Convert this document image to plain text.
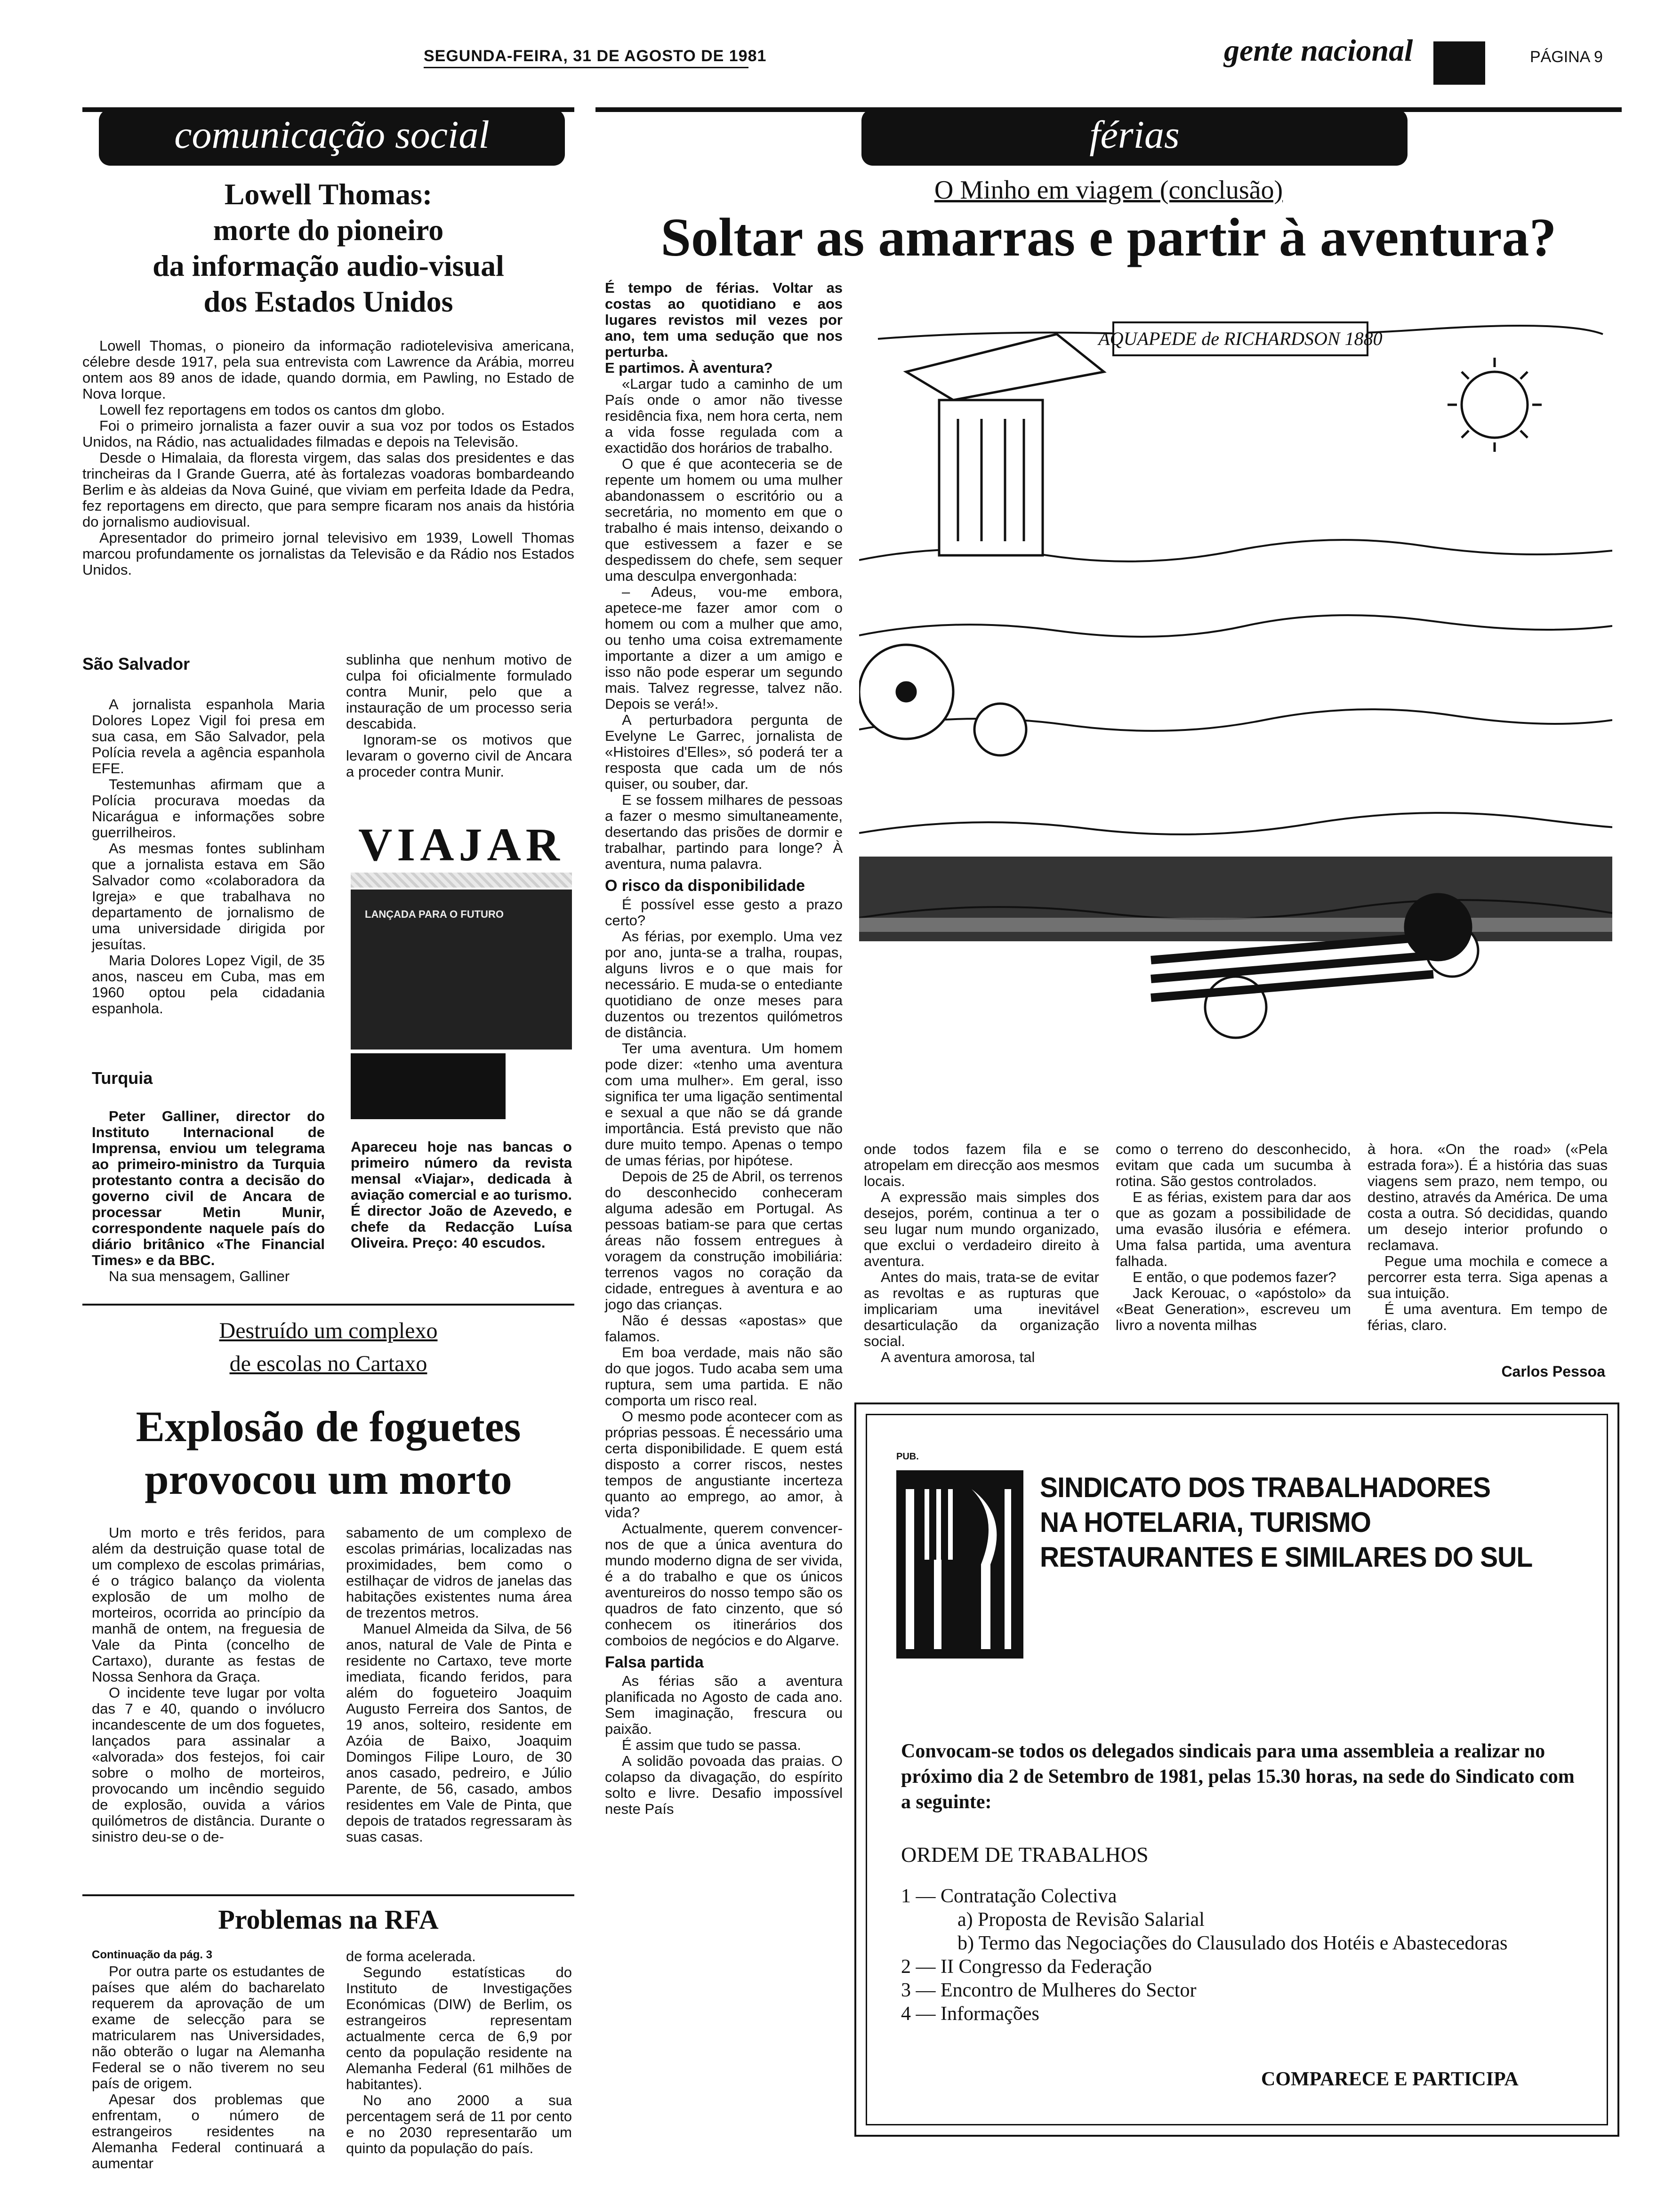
SEGUNDA-FEIRA, 31 DE AGOSTO DE 1981	gente nacional	PÁGINA 9
comunicação social	férias
Lowell Thomas:
morte do pioneiro
da informação audio-visual
dos Estados Unidos

Lowell Thomas, o pioneiro da informação radiotelevisiva americana, célebre desde 1917, pela sua entrevista com Lawrence da Arábia, morreu ontem aos 89 anos de idade, quando dormia, em Pawling, no Estado de Nova Iorque.

Lowell fez reportagens em todos os cantos dm globo.

Foi o primeiro jornalista a fazer ouvir a sua voz por todos os Estados Unidos, na Rádio, nas actualidades filmadas e depois na Televisão.

Desde o Himalaia, da floresta virgem, das salas dos presidentes e das trincheiras da I Grande Guerra, até às fortalezas voadoras bombardeando Berlim e às aldeias da Nova Guiné, que viviam em perfeita Idade da Pedra, fez reportagens em directo, que para sempre ficaram nos anais da história do jornalismo audiovisual.

Apresentador do primeiro jornal televisivo em 1939, Lowell Thomas marcou profundamente os jornalistas da Televisão e da Rádio nos Estados Unidos.

São Salvador

A jornalista espanhola Maria Dolores Lopez Vigil foi presa em sua casa, em São Salvador, pela Polícia revela a agência espanhola EFE.

Testemunhas afirmam que a Polícia procurava moedas da Nicarágua e informações sobre guerrilheiros.

As mesmas fontes sublinham que a jornalista estava em São Salvador como «colaboradora da Igreja» e que trabalhava no departamento de jornalismo de uma universidade dirigida por jesuítas.

Maria Dolores Lopez Vigil, de 35 anos, nasceu em Cuba, mas em 1960 optou pela cidadania espanhola.

Turquia

Peter Galliner, director do Instituto Internacional de Imprensa, enviou um telegrama ao primeiro-ministro da Turquia protestanto contra a decisão do governo civil de Ancara de processar Metin Munir, correspondente naquele país do diário britânico «The Financial Times» e da BBC.

Na sua mensagem, Galliner

sublinha que nenhum motivo de culpa foi oficialmente formulado contra Munir, pelo que a instauração de um processo seria descabida.

Ignoram-se os motivos que levaram o governo civil de Ancara a proceder contra Munir.

VIAJAR
LANÇADA PARA O FUTURO
Apareceu hoje nas bancas o primeiro número da revista mensal «Viajar», dedicada à aviação comercial e ao turismo. É director João de Azevedo, e chefe da Redacção Luísa Oliveira. Preço: 40 escudos.
Destruído um complexo
de escolas no Cartaxo
Explosão de foguetes
provocou um morto

Um morto e três feridos, para além da destruição quase total de um complexo de escolas primárias, é o trágico balanço da violenta explosão de um molho de morteiros, ocorrida ao princípio da manhã de ontem, na freguesia de Vale da Pinta (concelho de Cartaxo), durante as festas de Nossa Senhora da Graça.

O incidente teve lugar por volta das 7 e 40, quando o invólucro incandescente de um dos foguetes, lançados para assinalar a «alvorada» dos festejos, foi cair sobre o molho de morteiros, provocando um incêndio seguido de explosão, ouvida a vários quilómetros de distância. Durante o sinistro deu-se o de-

sabamento de um complexo de escolas primárias, localizadas nas proximidades, bem como o estilhaçar de vidros de janelas das habitações existentes numa área de trezentos metros.

Manuel Almeida da Silva, de 56 anos, natural de Vale de Pinta e residente no Cartaxo, teve morte imediata, ficando feridos, para além do fogueteiro Joaquim Augusto Ferreira dos Santos, de 19 anos, solteiro, residente em Azóia de Baixo, Joaquim Domingos Filipe Louro, de 30 anos casado, pedreiro, e Júlio Parente, de 56, casado, ambos residentes em Vale de Pinta, que depois de tratados regressaram às suas casas.

Problemas na RFA
Continuação da pág. 3

Por outra parte os estudantes de países que além do bacharelato requerem da aprovação de um exame de selecção para se matricularem nas Universidades, não obterão o lugar na Alemanha Federal se o não tiverem no seu país de origem.

Apesar dos problemas que enfrentam, o número de estrangeiros residentes na Alemanha Federal continuará a aumentar

de forma acelerada.

Segundo estatísticas do Instituto de Investigações Económicas (DIW) de Berlim, os estrangeiros representam actualmente cerca de 6,9 por cento da população residente na Alemanha Federal (61 milhões de habitantes).

No ano 2000 a sua percentagem será de 11 por cento e no 2030 representarão um quinto da população do país.

O Minho em viagem (conclusão)
Soltar as amarras e partir à aventura?

É tempo de férias. Voltar as costas ao quotidiano e aos lugares revistos mil vezes por ano, tem uma sedução que nos perturba.

E partimos. À aventura?

«Largar tudo a caminho de um País onde o amor não tivesse residência fixa, nem hora certa, nem a vida fosse regulada com a exactidão dos horários de trabalho.

O que é que aconteceria se de repente um homem ou uma mulher abandonassem o escritório ou a secretária, no momento em que o trabalho é mais intenso, deixando o que estivessem a fazer e se despedissem do chefe, sem sequer uma desculpa envergonhada:

– Adeus, vou-me embora, apetece-me fazer amor com o homem ou com a mulher que amo, ou tenho uma coisa extremamente importante a dizer a um amigo e isso não pode esperar um segundo mais. Talvez regresse, talvez não. Depois se verá!».

A perturbadora pergunta de Evelyne Le Garrec, jornalista de «Histoires d'Elles», só poderá ter a resposta que cada um de nós quiser, ou souber, dar.

E se fossem milhares de pessoas a fazer o mesmo simultaneamente, desertando das prisões de dormir e trabalhar, partindo para longe? À aventura, numa palavra.

O risco da disponibilidade

É possível esse gesto a prazo certo?

As férias, por exemplo. Uma vez por ano, junta-se a tralha, roupas, alguns livros e o que mais for necessário. E muda-se o entediante quotidiano de onze meses para duzentos ou trezentos quilómetros de distância.

Ter uma aventura. Um homem pode dizer: «tenho uma aventura com uma mulher». Em geral, isso significa ter uma ligação sentimental e sexual a que não se dá grande importância. Está previsto que não dure muito tempo. Apenas o tempo de umas férias, por hipótese.

Depois de 25 de Abril, os terrenos do desconhecido conheceram alguma adesão em Portugal. As pessoas batiam-se para que certas áreas não fossem entregues à voragem da construção imobiliária: terrenos vagos no coração da cidade, entregues à aventura e ao jogo das crianças.

Não é dessas «apostas» que falamos.

Em boa verdade, mais não são do que jogos. Tudo acaba sem uma ruptura, sem uma partida. E não comporta um risco real.

O mesmo pode acontecer com as próprias pessoas. É necessário uma certa disponibilidade. E quem está disposto a correr riscos, nestes tempos de angustiante incerteza quanto ao emprego, ao amor, à vida?

Actualmente, querem convencer-nos de que a única aventura do mundo moderno digna de ser vivida, é a do trabalho e que os únicos aventureiros do nosso tempo são os quadros de fato cinzento, que só conhecem os itinerários dos comboios de negócios e do Algarve.

Falsa partida

As férias são a aventura planificada no Agosto de cada ano. Sem imaginação, frescura ou paixão.

É assim que tudo se passa.

A solidão povoada das praias. O colapso da divagação, do espírito solto e livre. Desafio impossível neste País

AQUAPEDE de RICHARDSON 1880

onde todos fazem fila e se atropelam em direcção aos mesmos locais.

A expressão mais simples dos desejos, porém, continua a ter o seu lugar num mundo organizado, que exclui o verdadeiro direito à aventura.

Antes do mais, trata-se de evitar as revoltas e as rupturas que implicariam uma inevitável desarticulação da organização social.

A aventura amorosa, tal

como o terreno do desconhecido, evitam que cada um sucumba à rotina. São gestos controlados.

E as férias, existem para dar aos que as gozam a possibilidade de uma evasão ilusória e efémera. Uma falsa partida, uma aventura falhada.

E então, o que podemos fazer?

Jack Kerouac, o «apóstolo» da «Beat Generation», escreveu um livro a noventa milhas

à hora. «On the road» («Pela estrada fora»). É a história das suas viagens sem prazo, nem tempo, ou destino, através da América. De uma costa a outra. Só decididas, quando um desejo interior profundo o reclamava.

Pegue uma mochila e comece a percorrer esta terra. Siga apenas a sua intuição.

É uma aventura. Em tempo de férias, claro.

Carlos Pessoa
PUB.
SINDICATO DOS TRABALHADORES
NA HOTELARIA, TURISMO
RESTAURANTES E SIMILARES DO SUL
Convocam-se todos os delegados sindicais para uma assembleia a realizar no próximo dia 2 de Setembro de 1981, pelas 15.30 horas, na sede do Sindicato com a seguinte:
ORDEM DE TRABALHOS
1 — Contratação Colectiva
a) Proposta de Revisão Salarial
b) Termo das Negociações do Clausulado dos Hotéis e Abastecedoras
2 — II Congresso da Federação
3 — Encontro de Mulheres do Sector
4 — Informações
COMPARECE E PARTICIPA
